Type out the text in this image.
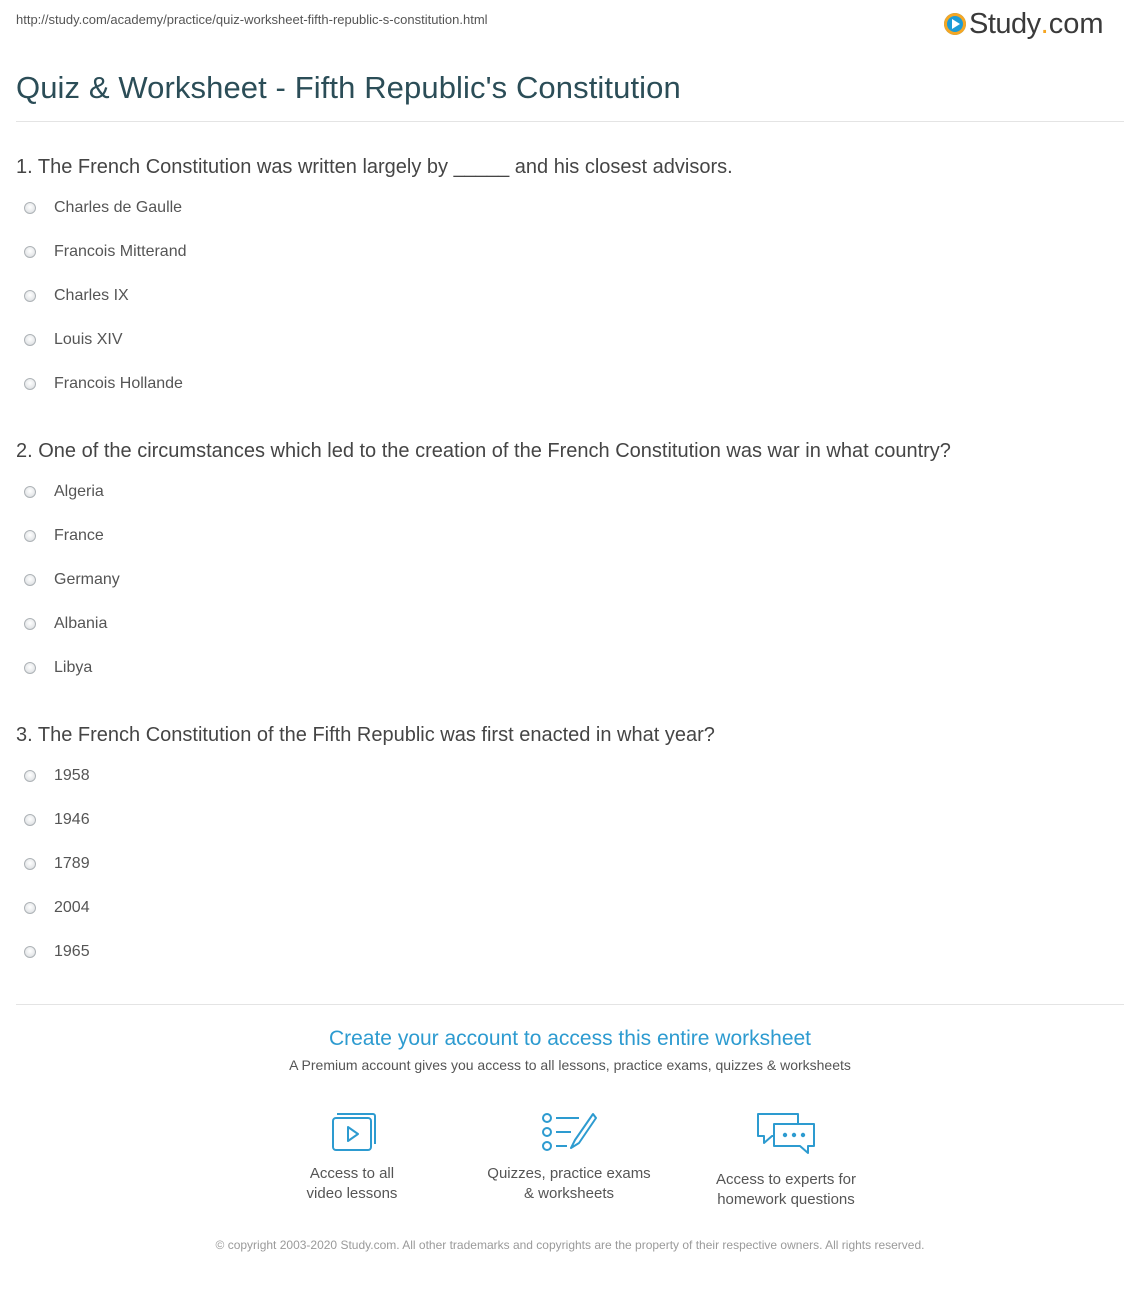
http://study.com/academy/practice/quiz-worksheet-fifth-republic-s-constitution.html	Study . com
Quiz & Worksheet - Fifth Republic's Constitution

1. The French Constitution was written largely by _____ and his closest advisors.

Charles de Gaulle
Francois Mitterand
Charles IX
Louis XIV
Francois Hollande

2. One of the circumstances which led to the creation of the French Constitution was war in what country?

Algeria
France
Germany
Albania
Libya

3. The French Constitution of the Fifth Republic was first enacted in what year?

1958
1946
1789
2004
1965
Create your account to access this entire worksheet
A Premium account gives you access to all lessons, practice exams, quizzes & worksheets
Access to all
video lessons
Quizzes, practice exams
& worksheets
Access to experts for
homework questions
© copyright 2003-2020 Study.com. All other trademarks and copyrights are the property of their respective owners. All rights reserved.
